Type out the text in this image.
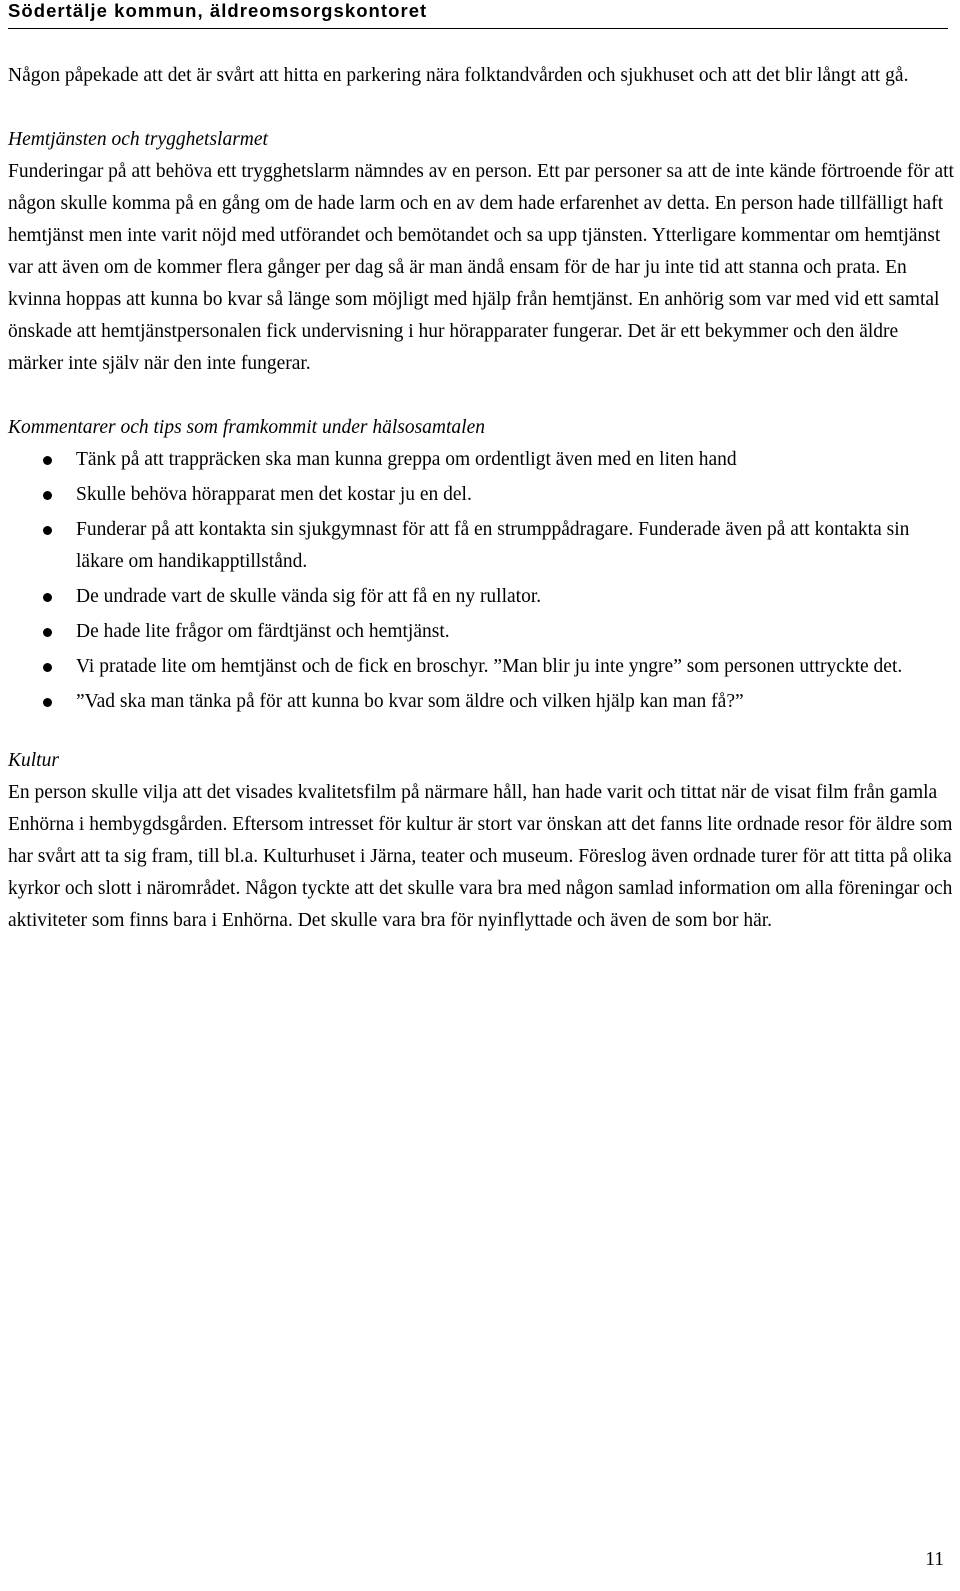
Södertälje kommun, äldreomsorgskontoret

Någon påpekade att det är svårt att hitta en parkering nära folktandvården och sjukhuset och att det blir långt att gå.

Hemtjänsten och trygghetslarmet

Funderingar på att behöva ett trygghetslarm nämndes av en person. Ett par personer sa att de inte kände förtroende för att någon skulle komma på en gång om de hade larm och en av dem hade erfarenhet av detta. En person hade tillfälligt haft hemtjänst men inte varit nöjd med utförandet och bemötandet och sa upp tjänsten. Ytterligare kommentar om hemtjänst var att även om de kommer flera gånger per dag så är man ändå ensam för de har ju inte tid att stanna och prata. En kvinna hoppas att kunna bo kvar så länge som möjligt med hjälp från hemtjänst. En anhörig som var med vid ett samtal önskade att hemtjänstpersonalen fick undervisning i hur hörapparater fungerar. Det är ett bekymmer och den äldre märker inte själv när den inte fungerar.

Kommentarer och tips som framkommit under hälsosamtalen

Tänk på att trappräcken ska man kunna greppa om ordentligt även med en liten hand
Skulle behöva hörapparat men det kostar ju en del.
Funderar på att kontakta sin sjukgymnast för att få en strumppådragare. Funderade även på att kontakta sin läkare om handikapptillstånd.
De undrade vart de skulle vända sig för att få en ny rullator.
De hade lite frågor om färdtjänst och hemtjänst.
Vi pratade lite om hemtjänst och de fick en broschyr. ”Man blir ju inte yngre” som personen uttryckte det.
”Vad ska man tänka på för att kunna bo kvar som äldre och vilken hjälp kan man få?”

Kultur

En person skulle vilja att det visades kvalitetsfilm på närmare håll, han hade varit och tittat när de visat film från gamla Enhörna i hembygdsgården. Eftersom intresset för kultur är stort var önskan att det fanns lite ordnade resor för äldre som har svårt att ta sig fram, till bl.a. Kulturhuset i Järna, teater och museum. Föreslog även ordnade turer för att titta på olika kyrkor och slott i närområdet. Någon tyckte att det skulle vara bra med någon samlad information om alla föreningar och aktiviteter som finns bara i Enhörna. Det skulle vara bra för nyinflyttade och även de som bor här.

11
